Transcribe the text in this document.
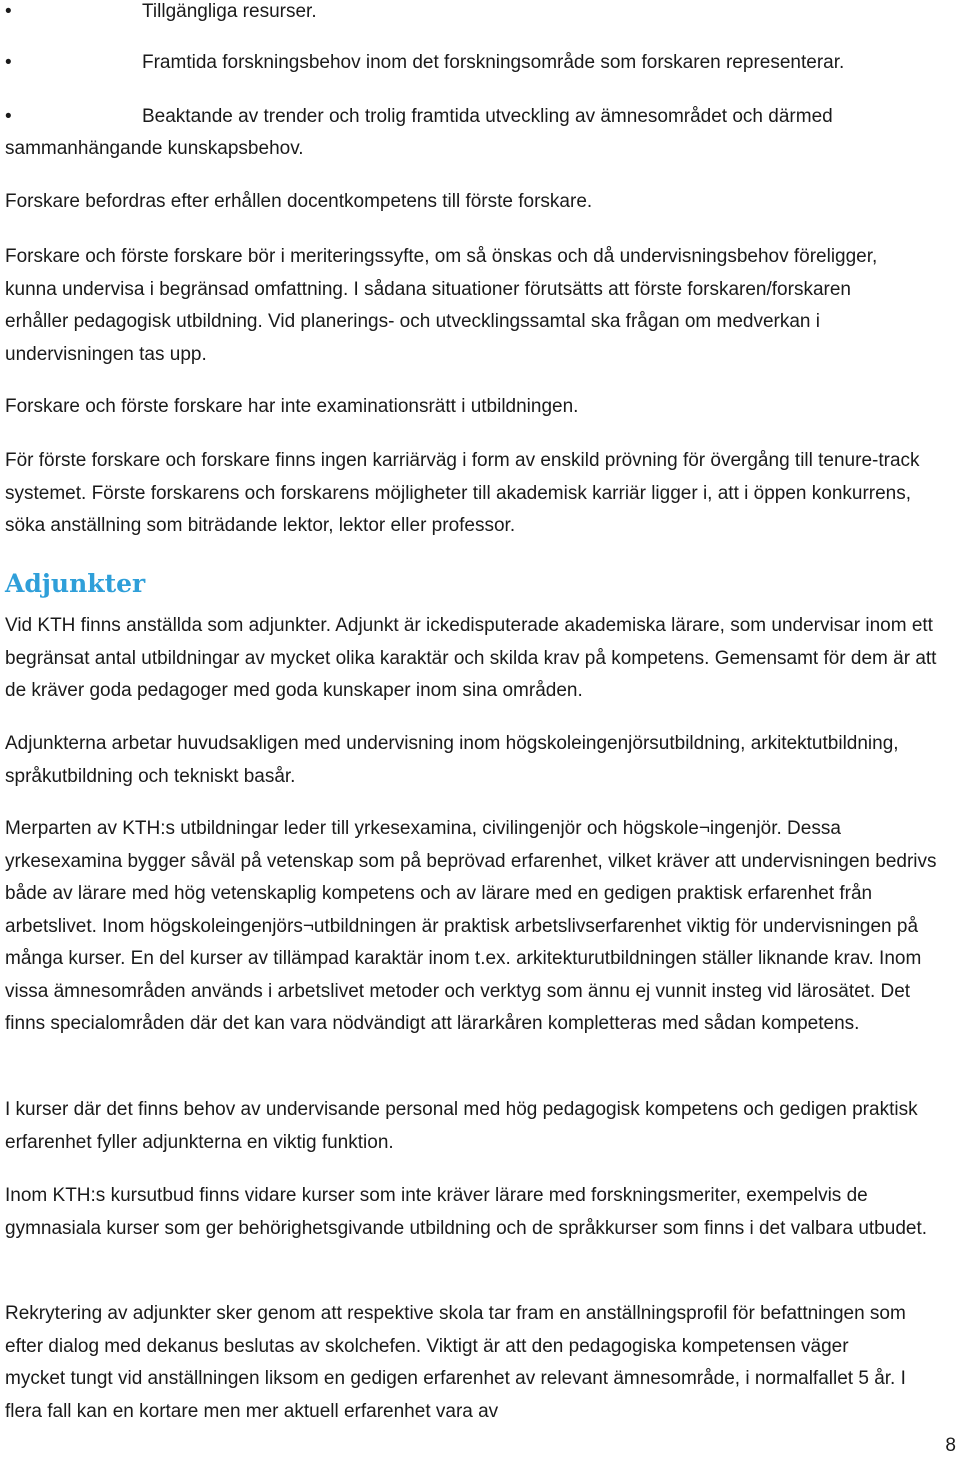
•	Tillgängliga resurser.
•	Framtida forskningsbehov inom det forskningsområde som forskaren representerar.
•	Beaktande av trender och trolig framtida utveckling av ämnesområdet och därmed sammanhängande kunskapsbehov.

Forskare befordras efter erhållen docentkompetens till förste forskare.

Forskare och förste forskare bör i meriteringssyfte, om så önskas och då undervisningsbehov föreligger, kunna undervisa i begränsad omfattning. I sådana situationer förutsätts att förste forskaren/forskaren erhåller pedagogisk utbildning. Vid planerings- och utvecklingssamtal ska frågan om medverkan i undervisningen tas upp.

Forskare och förste forskare har inte examinationsrätt i utbildningen.

För förste forskare och forskare finns ingen karriärväg i form av enskild prövning för övergång till tenure-track systemet. Förste forskarens och forskarens möjligheter till akademisk karriär ligger i, att i öppen konkurrens, söka anställning som biträdande lektor, lektor eller professor.

Adjunkter

Vid KTH finns anställda som adjunkter. Adjunkt är ickedisputerade akademiska lärare, som undervisar inom ett begränsat antal utbildningar av mycket olika karaktär och skilda krav på kompetens. Gemensamt för dem är att de kräver goda pedagoger med goda kunskaper inom sina områden.

Adjunkterna arbetar huvudsakligen med undervisning inom högskoleingenjörsutbildning, arkitektutbildning, språkutbildning och tekniskt basår.

Merparten av KTH:s utbildningar leder till yrkesexamina, civilingenjör och högskole¬ingenjör. Dessa yrkesexamina bygger såväl på vetenskap som på beprövad erfarenhet, vilket kräver att undervisningen bedrivs både av lärare med hög vetenskaplig kompetens och av lärare med en gedigen praktisk erfarenhet från arbetslivet. Inom högskoleingenjörs¬utbildningen är praktisk arbetslivserfarenhet viktig för undervisningen på många kurser. En del kurser av tillämpad karaktär inom t.ex. arkitekturutbildningen ställer liknande krav. Inom vissa ämnesområden används i arbetslivet metoder och verktyg som ännu ej vunnit insteg vid lärosätet. Det finns specialområden där det kan vara nödvändigt att lärarkåren kompletteras med sådan kompetens.

I kurser där det finns behov av undervisande personal med hög pedagogisk kompetens och gedigen praktisk erfarenhet fyller adjunkterna en viktig funktion.

Inom KTH:s kursutbud finns vidare kurser som inte kräver lärare med forskningsmeriter, exempelvis de gymnasiala kurser som ger behörighetsgivande utbildning och de språkkurser som finns i det valbara utbudet.

Rekrytering av adjunkter sker genom att respektive skola tar fram en anställningsprofil för befattningen som efter dialog med dekanus beslutas av skolchefen. Viktigt är att den pedagogiska kompetensen väger mycket tungt vid anställningen liksom en gedigen erfarenhet av relevant ämnesområde, i normalfallet 5 år. I flera fall kan en kortare men mer aktuell erfarenhet vara av

8
